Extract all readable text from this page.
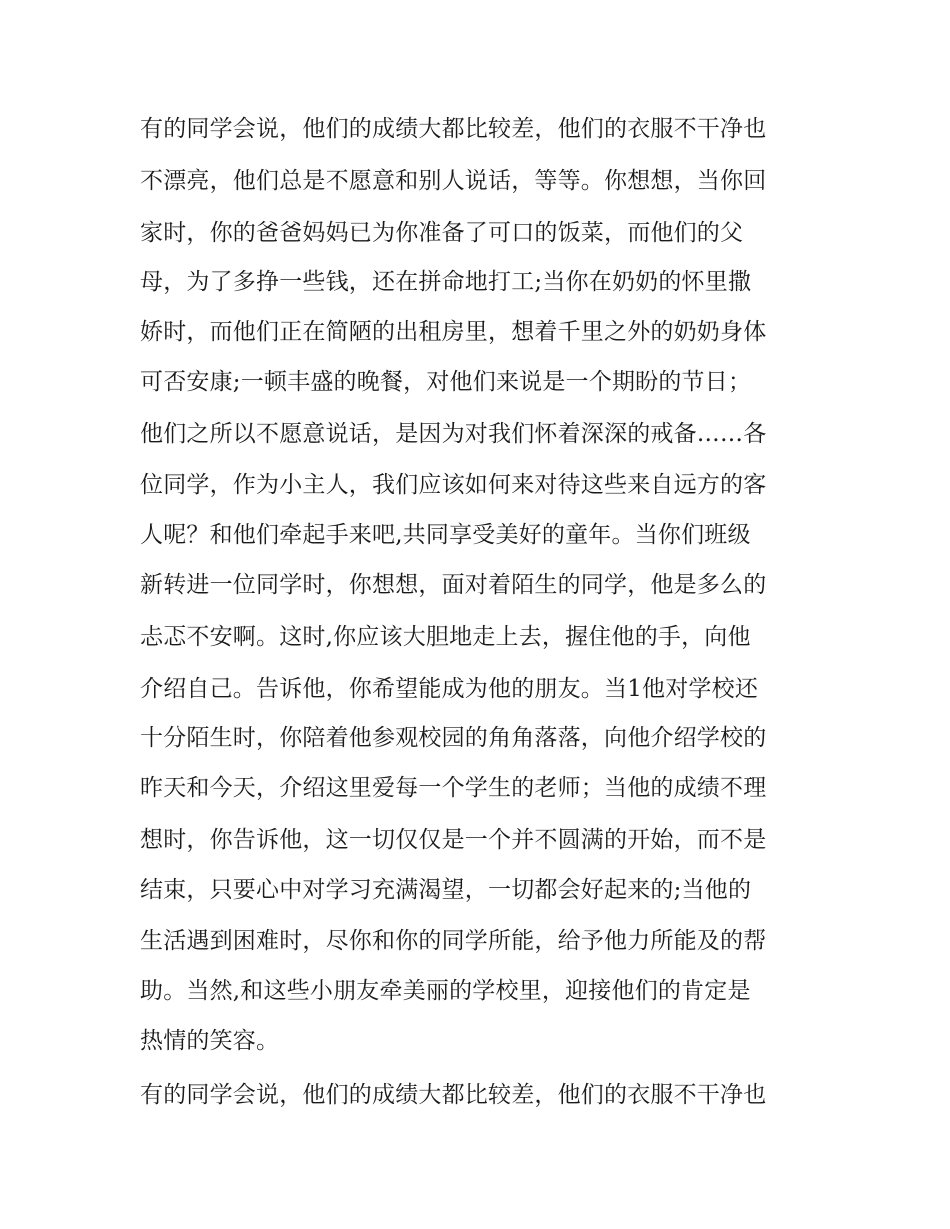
有的同学会说，他们的成绩大都比较差，他们的衣服不干净也
不漂亮，他们总是不愿意和别人说话，等等。你想想，当你回
家时，你的爸爸妈妈已为你准备了可口的饭菜，而他们的父
母，为了多挣一些钱，还在拼命地打工;当你在奶奶的怀里撒
娇时，而他们正在简陋的出租房里，想着千里之外的奶奶身体
可否安康;一顿丰盛的晚餐，对他们来说是一个期盼的节日；
他们之所以不愿意说话，是因为对我们怀着深深的戒备……各
位同学，作为小主人，我们应该如何来对待这些来自远方的客
人呢？和他们牵起手来吧,共同享受美好的童年。当你们班级
新转进一位同学时，你想想，面对着陌生的同学，他是多么的
忐忑不安啊。这时,你应该大胆地走上去，握住他的手，向他
介绍自己。告诉他，你希望能成为他的朋友。当1他对学校还
十分陌生时，你陪着他参观校园的角角落落，向他介绍学校的
昨天和今天，介绍这里爱每一个学生的老师；当他的成绩不理
想时，你告诉他，这一切仅仅是一个并不圆满的开始，而不是
结束，只要心中对学习充满渴望，一切都会好起来的;当他的
生活遇到困难时，尽你和你的同学所能，给予他力所能及的帮
助。当然,和这些小朋友牵美丽的学校里，迎接他们的肯定是
热情的笑容。
有的同学会说，他们的成绩大都比较差，他们的衣服不干净也
